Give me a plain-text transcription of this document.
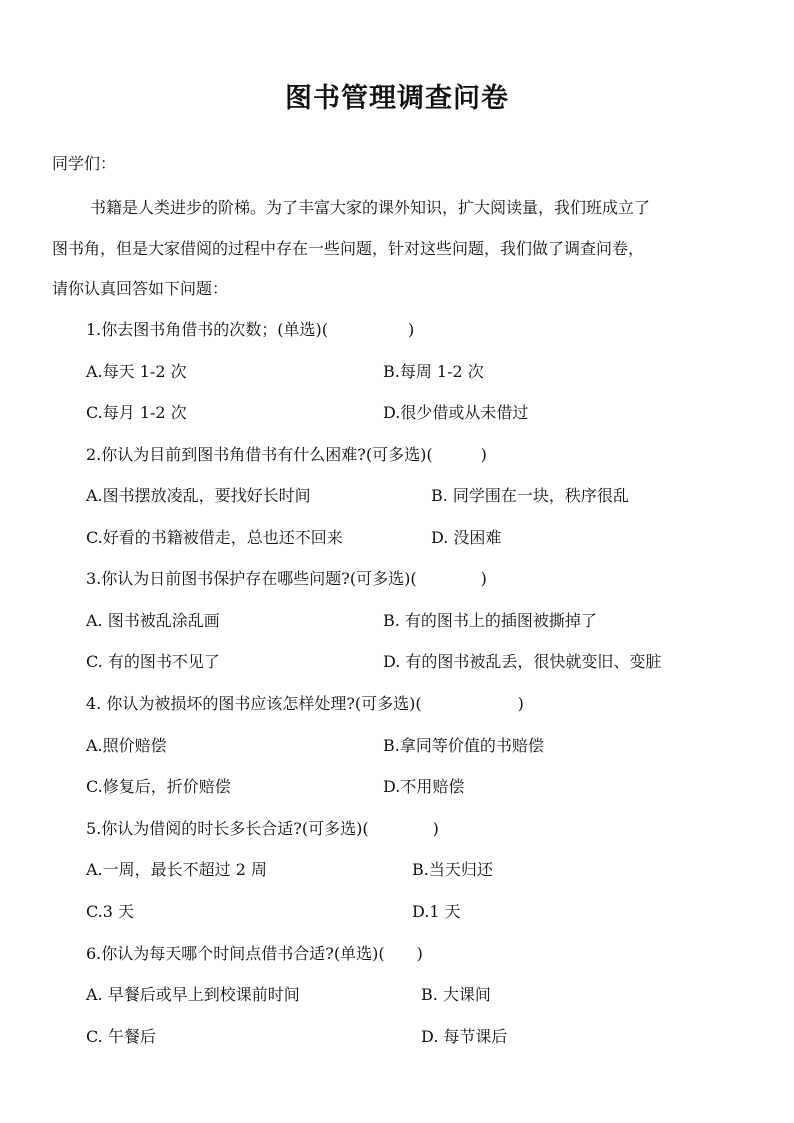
图书管理调查问卷
同学们：
书籍是人类进步的阶梯。为了丰富大家的课外知识，扩大阅读量，我们班成立了
图书角，但是大家借阅的过程中存在一些问题，针对这些问题，我们做了调查问卷，
请你认真回答如下问题：
1.你去图书角借书的次数；(单选)(　　　　　)
A.每天 1-2 次	B.每周 1-2 次
C.每月 1-2 次	D.很少借或从未借过
2.你认为目前到图书角借书有什么困难?(可多选)(　　　)
A.图书摆放凌乱，要找好长时间	B. 同学围在一块，秩序很乱
C.好看的书籍被借走，总也还不回来	D. 没困难
3.你认为日前图书保护存在哪些问题?(可多选)(　　　　)
A. 图书被乱涂乱画	B. 有的图书上的插图被撕掉了
C. 有的图书不见了	D. 有的图书被乱丢，很快就变旧、变脏
4. 你认为被损坏的图书应该怎样处理?(可多选)(　　　　　　)
A.照价赔偿	B.拿同等价值的书赔偿
C.修复后，折价赔偿	D.不用赔偿
5.你认为借阅的时长多长合适?(可多选)(　　　　)
A.一周，最长不超过 2 周	B.当天归还
C.3 天	D.1 天
6.你认为每天哪个时间点借书合适?(单选)(　　)
A. 早餐后或早上到校课前时间	B. 大课间
C. 午餐后	D. 每节课后
